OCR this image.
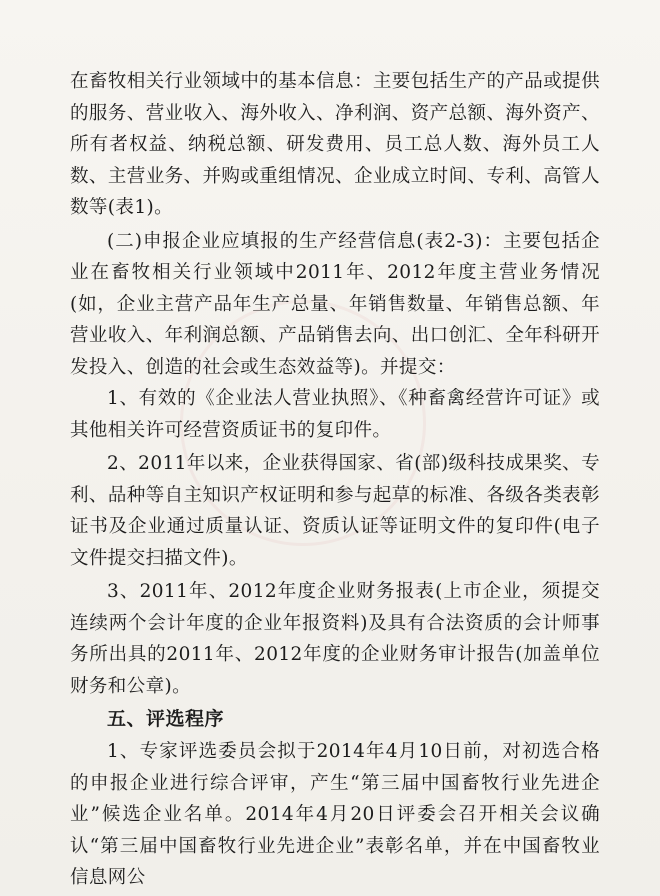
在畜牧相关行业领域中的基本信息：主要包括生产的产品或提供的服务、营业收入、海外收入、净利润、资产总额、海外资产、所有者权益、纳税总额、研发费用、员工总人数、海外员工人数、主营业务、并购或重组情况、企业成立时间、专利、高管人数等(表1)。

(二)申报企业应填报的生产经营信息(表2-3)：主要包括企业在畜牧相关行业领域中2011年、2012年度主营业务情况(如，企业主营产品年生产总量、年销售数量、年销售总额、年营业收入、年利润总额、产品销售去向、出口创汇、全年科研开发投入、创造的社会或生态效益等)。并提交：

1、有效的《企业法人营业执照》、《种畜禽经营许可证》或其他相关许可经营资质证书的复印件。

2、2011年以来，企业获得国家、省(部)级科技成果奖、专利、品种等自主知识产权证明和参与起草的标准、各级各类表彰证书及企业通过质量认证、资质认证等证明文件的复印件(电子文件提交扫描文件)。

3、2011年、2012年度企业财务报表(上市企业，须提交连续两个会计年度的企业年报资料)及具有合法资质的会计师事务所出具的2011年、2012年度的企业财务审计报告(加盖单位财务和公章)。

五、评选程序

1、专家评选委员会拟于2014年4月10日前，对初选合格的申报企业进行综合评审，产生“第三届中国畜牧行业先进企业”候选企业名单。2014年4月20日评委会召开相关会议确认“第三届中国畜牧行业先进企业”表彰名单，并在中国畜牧业信息网公
